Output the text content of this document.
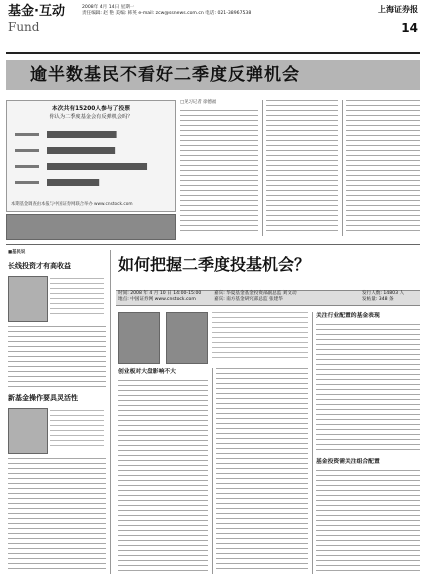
基金·互动
Fund
2008年 4月 14日 星期一
责任编辑: 赵 艳 美编: 韩英 e-mail: zcw@ssnews.com.cn 电话: 021-38967538	上海证券报
14
逾半数基民不看好二季度反弹机会
本次共有15200人参与了投票
你认为二季度基金会有反弹机会吗？
本期基金调查由本报与中国证券网联合举办 www.cnstock.com
□见习记者 徐德福
■基民说
长线投资才有高收益
新基金操作要具灵活性
如何把握二季度投基机会？
时间: 2008 年 4 月 10 日 14:00-15:00	嘉宾: 华夏基金基金投资部副总监 刘文动	发行人数: 14803 人
地点: 中国证券网 www.cnstock.com	嘉宾: 南方基金研究部总监 张建华	发帖量: 348 条
创业板对大盘影响不大
关注行业配置的基金表现
基金投资需关注组合配置
